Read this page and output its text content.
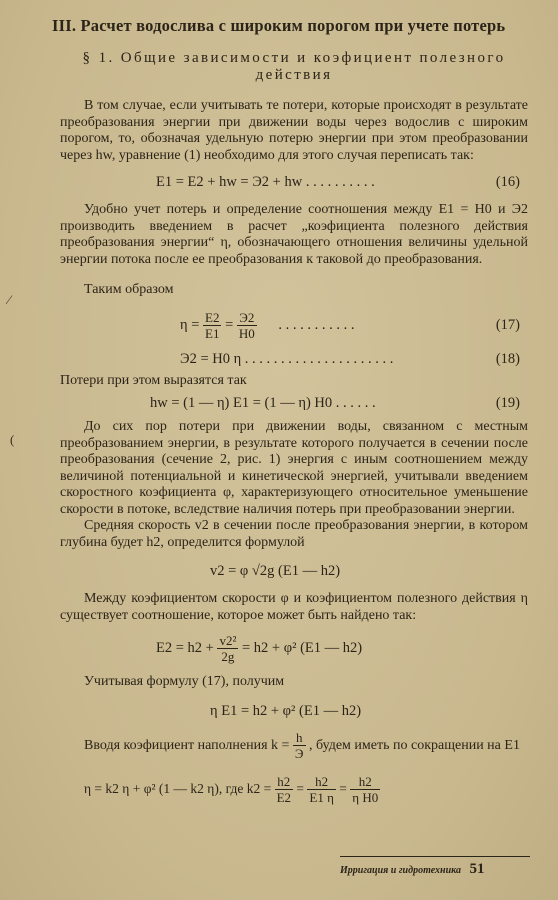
III. Расчет водослива с широким порогом при учете потерь
§ 1. Общие зависимости и коэфициент полезного действия

В том случае, если учитывать те потери, которые происходят в результате преобразования энергии при движении воды через водослив с широким порогом, то, обозначая удельную потерю энергии при этом преобразовании через hw, уравнение (1) необходимо для этого случая переписать так:

E1 = E2 + hw = Э2 + hw . . . . . . . . . .	(16)

Удобно учет потерь и определение соотношения между E1 = H0 и Э2 производить введением в расчет „коэфициента полезного действия преобразования энергии“ η, обозначающего отношения величины удельной энергии потока после ее преобразования к таковой до преобразования.

Таким образом

$\eta = \frac{E2}{E1} = \frac{Э2}{H0}$ . . . . . . . . . . .	(17)
Э2 = H0 η . . . . . . . . . . . . . . . . . . . . .	(18)

Потери при этом выразятся так

hw = (1 — η) E1 = (1 — η) H0 . . . . . .	(19)

До сих пор потери при движении воды, связанном с местным преобразованием энергии, в результате которого получается в сечении после преобразования (сечение 2, рис. 1) энергия с иным соотношением между величиной потенциальной и кинетической энергией, учитывали введением скоростного коэфициента φ, характеризующего относительное уменьшение скорости в потоке, вследствие наличия потерь при преобразовании энергии.

Средняя скорость v2 в сечении после преобразования энергии, в котором глубина будет h2, определится формулой

v2 = φ √2g (E1 — h2)

Между коэфициентом скорости φ и коэфициентом полезного действия η существует соотношение, которое может быть найдено так:

$E2 = h2 + \frac{\text{v2²}}{2g} = h2 + \varphi^2$ (E1 — h2)

Учитывая формулу (17), получим

η E1 = h2 + φ² (E1 — h2)
Вводя коэфициент наполнения $k = \frac{h}{Э}$ , будем иметь по сокращении на E1
η = k2 η + φ² (1 — k2 η), где $k2 = \frac{h2}{E2} = \frac{h2}{E1 \eta} = \frac{h2}{\text{η H0}}$
Ирригация и гидротехника 51
⁄
(
